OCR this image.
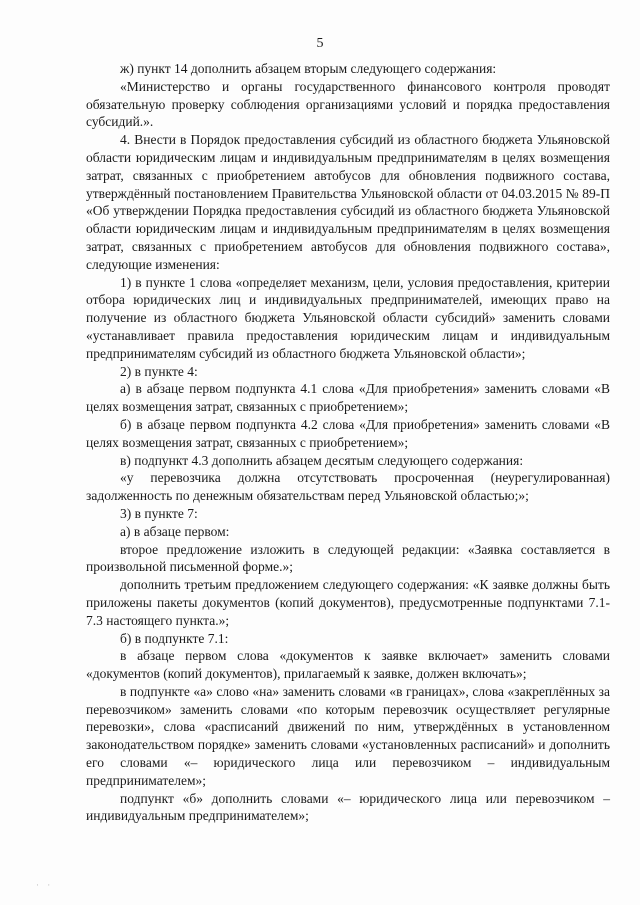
5

ж) пункт 14 дополнить абзацем вторым следующего содержания:

«Министерство и органы государственного финансового контроля проводят обязательную проверку соблюдения организациями условий и порядка предоставления субсидий.».

4. Внести в Порядок предоставления субсидий из областного бюджета Ульяновской области юридическим лицам и индивидуальным предпринимателям в целях возмещения затрат, связанных с приобретением автобусов для обновления подвижного состава, утверждённый постановлением Правительства Ульяновской области от 04.03.2015 № 89-П «Об утверждении Порядка предоставления субсидий из областного бюджета Ульяновской области юридическим лицам и индивидуальным предпринимателям в целях возмещения затрат, связанных с приобретением автобусов для обновления подвижного состава», следующие изменения:

1) в пункте 1 слова «определяет механизм, цели, условия предоставления, критерии отбора юридических лиц и индивидуальных предпринимателей, имеющих право на получение из областного бюджета Ульяновской области субсидий» заменить словами «устанавливает правила предоставления юридическим лицам и индивидуальным предпринимателям субсидий из областного бюджета Ульяновской области»;

2) в пункте 4:

а) в абзаце первом подпункта 4.1 слова «Для приобретения» заменить словами «В целях возмещения затрат, связанных с приобретением»;

б) в абзаце первом подпункта 4.2 слова «Для приобретения» заменить словами «В целях возмещения затрат, связанных с приобретением»;

в) подпункт 4.3 дополнить абзацем десятым следующего содержания:

«у перевозчика должна отсутствовать просроченная (неурегулированная) задолженность по денежным обязательствам перед Ульяновской областью;»;

3) в пункте 7:

а) в абзаце первом:

второе предложение изложить в следующей редакции: «Заявка составляется в произвольной письменной форме.»;

дополнить третьим предложением следующего содержания: «К заявке должны быть приложены пакеты документов (копий документов), предусмотренные подпунктами 7.1-7.3 настоящего пункта.»;

б) в подпункте 7.1:

в абзаце первом слова «документов к заявке включает» заменить словами «документов (копий документов), прилагаемый к заявке, должен включать»;

в подпункте «а» слово «на» заменить словами «в границах», слова «закреплённых за перевозчиком» заменить словами «по которым перевозчик осуществляет регулярные перевозки», слова «расписаний движений по ним, утверждённых в установленном законодательством порядке» заменить словами «установленных расписаний» и дополнить его словами «– юридического лица или перевозчиком – индивидуальным предпринимателем»;

подпункт «б» дополнить словами «– юридического лица или перевозчиком – индивидуальным предпринимателем»;

· ·
